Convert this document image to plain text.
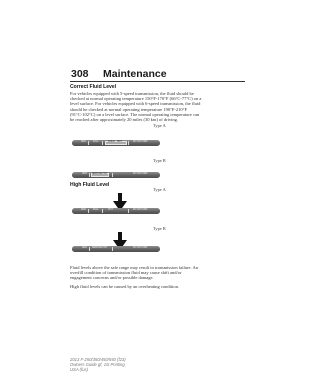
308 Maintenance
Correct Fluid Level
For vehicles equipped with 5-speed transmission, the fluid should be
checked at normal operating temperature 150°F-170°F (66°C-77°C) on a
level surface. For vehicles equipped with 6-speed transmission, the fluid
should be checked at normal operating temperature 190°F-210°F
(91°C-102°C) on a level surface. The normal operating temperature can
be reached after approximately 20 miles (30 km) of driving.
Type A
ADD	FULL	COLD HOT	DO NOT ADD
Type B
ADD SERVICE HOT	DO NOT ADD
High Fluid Level
Type A
ADD	FULL	HOT	DO NOT ADD
Type B
ADD SERVICE HOT	DO NOT ADD
Fluid levels above the safe range may result in transmission failure. An
overfill condition of transmission fluid may cause shift and/or
engagement concerns and/or possible damage.
High fluid levels can be caused by an overheating condition.
2013 F-250/350/450/550 (f23)
Owners Guide gf, 1st Printing
USA (fus)
